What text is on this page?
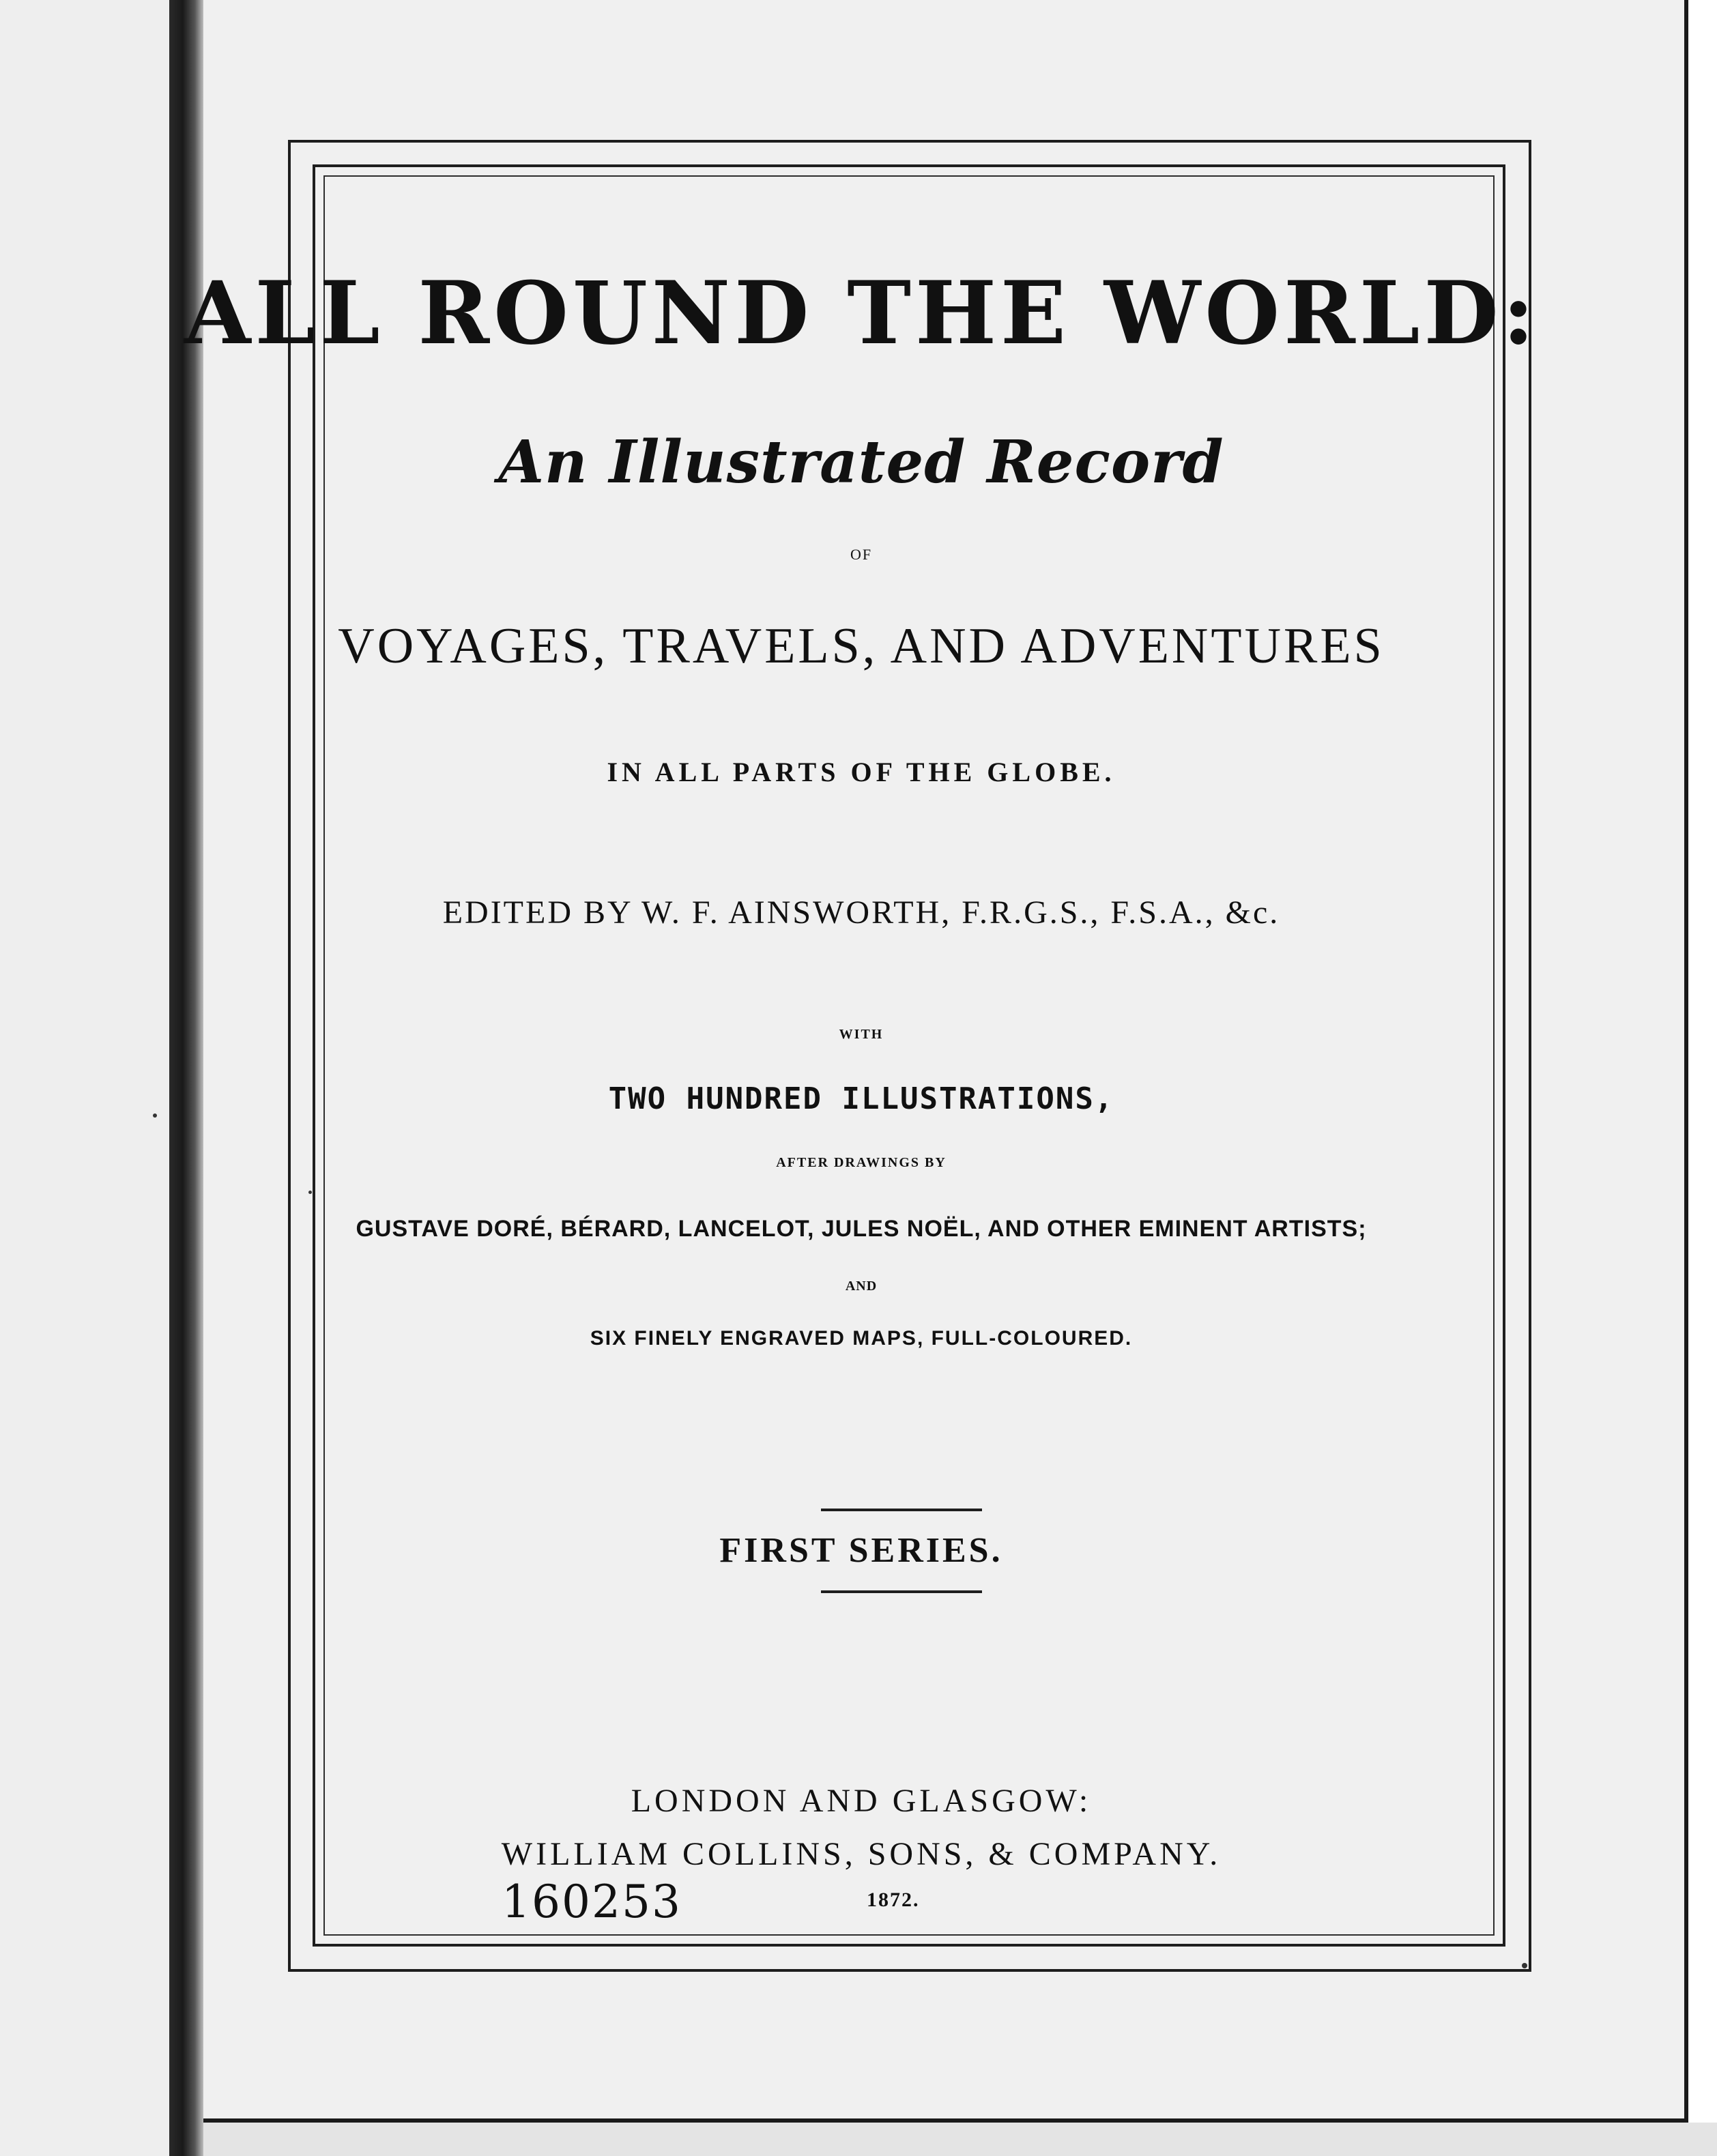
ALL ROUND THE WORLD:
An Illustrated Record
OF
VOYAGES, TRAVELS, AND ADVENTURES
IN ALL PARTS OF THE GLOBE.
EDITED BY W. F. AINSWORTH, F.R.G.S., F.S.A., &c.
WITH
TWO HUNDRED ILLUSTRATIONS,
AFTER DRAWINGS BY
GUSTAVE DORÉ, BÉRARD, LANCELOT, JULES NOËL, AND OTHER EMINENT ARTISTS;
AND
SIX FINELY ENGRAVED MAPS, FULL-COLOURED.
FIRST SERIES.
LONDON AND GLASGOW:
WILLIAM COLLINS, SONS, & COMPANY.
160253	1872.
